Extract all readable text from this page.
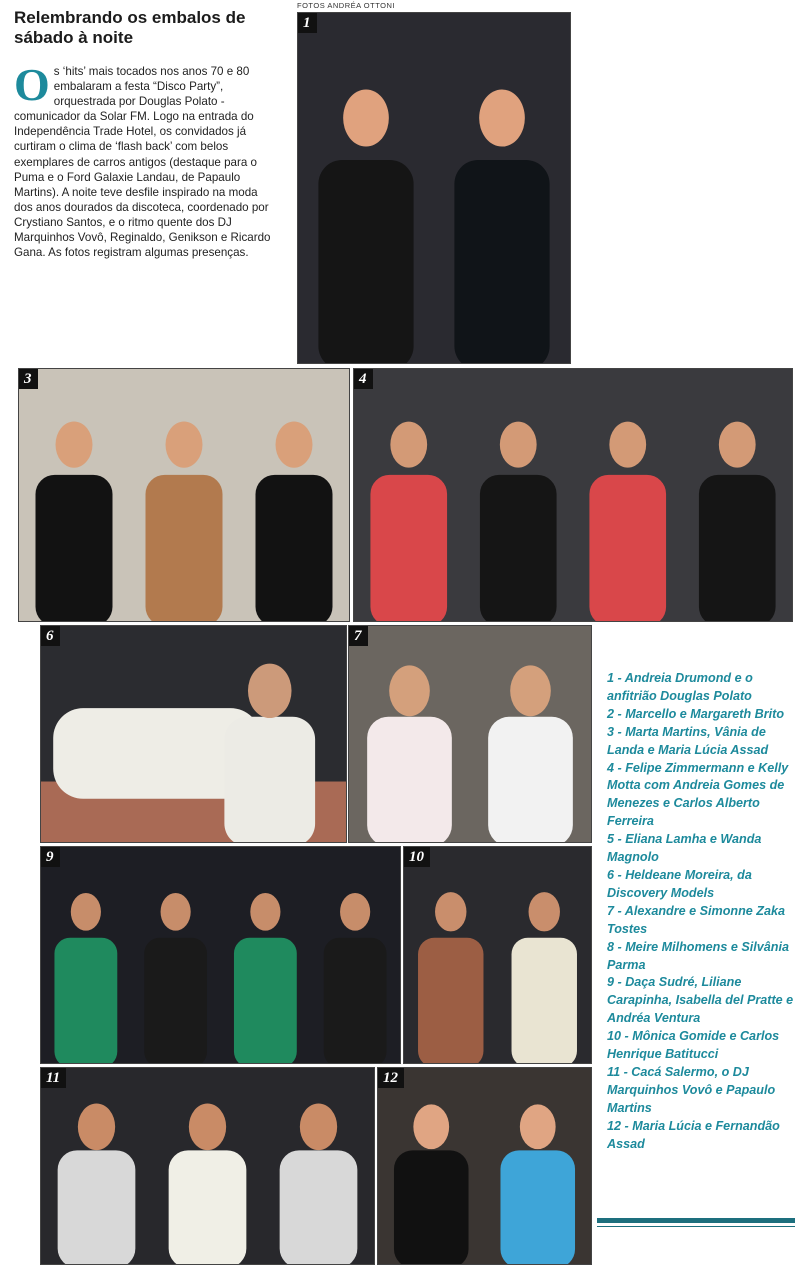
Relembrando os embalos de sábado à noite
Os ‘hits’ mais tocados nos anos 70 e 80 embalaram a festa “Disco Party”, orquestrada por Douglas Polato - comunicador da Solar FM. Logo na entrada do Independência Trade Hotel, os convidados já curtiram o clima de ‘flash back’ com belos exemplares de carros antigos (destaque para o Puma e o Ford Galaxie Landau, de Papaulo Martins). A noite teve desfile inspirado na moda dos anos dourados da discoteca, coordenado por Crystiano Santos, e o ritmo quente dos DJ Marquinhos Vovô, Reginaldo, Genikson e Ricardo Gana. As fotos registram algumas presenças.
FOTOS ANDRÉA OTTONI
1
3	4
6	7
9	10
11	12
1 - Andreia Drumond e o anfitrião Douglas Polato
2 - Marcello e Margareth Brito
3 - Marta Martins, Vânia de Landa e Maria Lúcia Assad
4 - Felipe Zimmermann e Kelly Motta com Andreia Gomes de Menezes e Carlos Alberto Ferreira
5 - Eliana Lamha e Wanda Magnolo
6 - Heldeane Moreira, da Discovery Models
7 - Alexandre e Simonne Zaka Tostes
8 - Meire Milhomens e Silvânia Parma
9 - Daça Sudré, Liliane Carapinha, Isabella del Pratte e Andréa Ventura
10 - Mônica Gomide e Carlos Henrique Batitucci
11 - Cacá Salermo, o DJ Marquinhos Vovô e Papaulo Martins
12 - Maria Lúcia e Fernandão Assad
